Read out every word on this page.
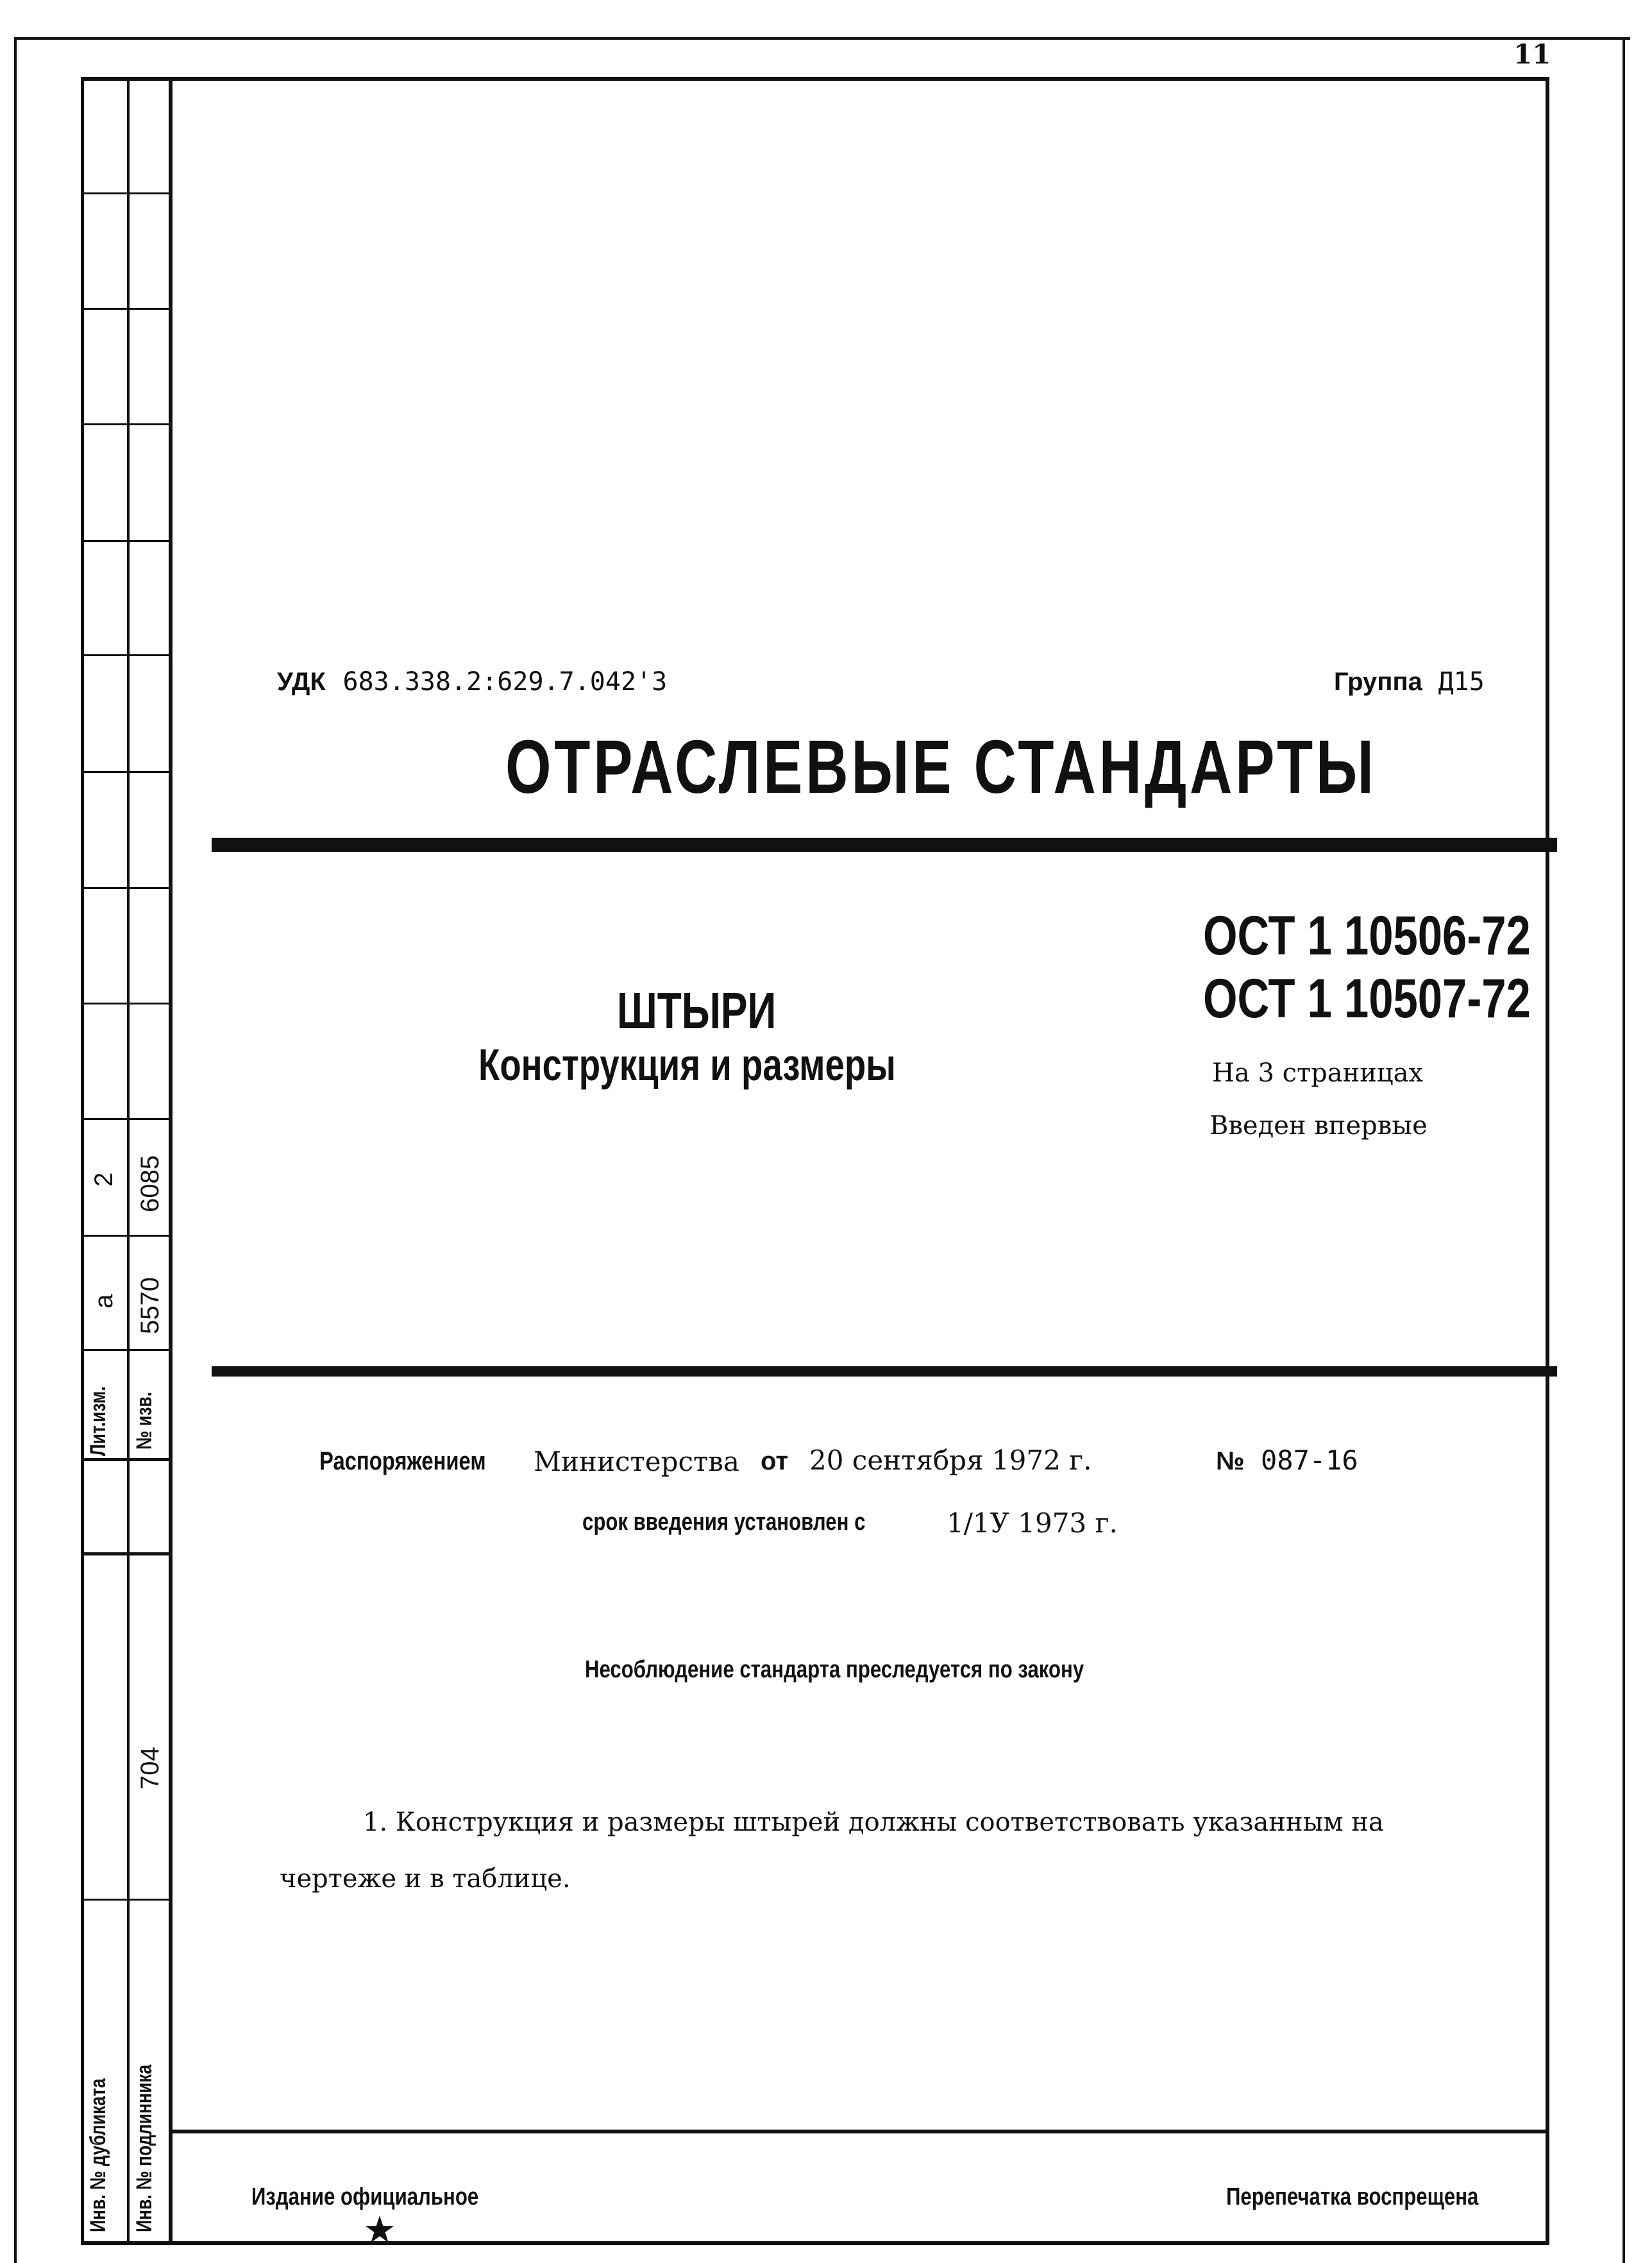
Лит.изм. № изв.
а
2
5570
6085
704
Инв. № дубликата Инв. № подлинника
11
УДК 683.338.2:629.7.042'3	Группа Д15
ОТРАСЛЕВЫЕ СТАНДАРТЫ
ШТЫРИ
Конструкция и размеры
ОСТ 1 10506-72
ОСТ 1 10507-72
На 3 страницах
Введен впервые
Распоряжением Министерства от 20 сентября 1972 г.	№ 087-16
срок введения установлен с	1/1У 1973 г.
Несоблюдение стандарта преследуется по закону
1. Конструкция и размеры штырей должны соответствовать указанным на
чертеже и в таблице.
Издание официальное
★
Перепечатка воспрещена
